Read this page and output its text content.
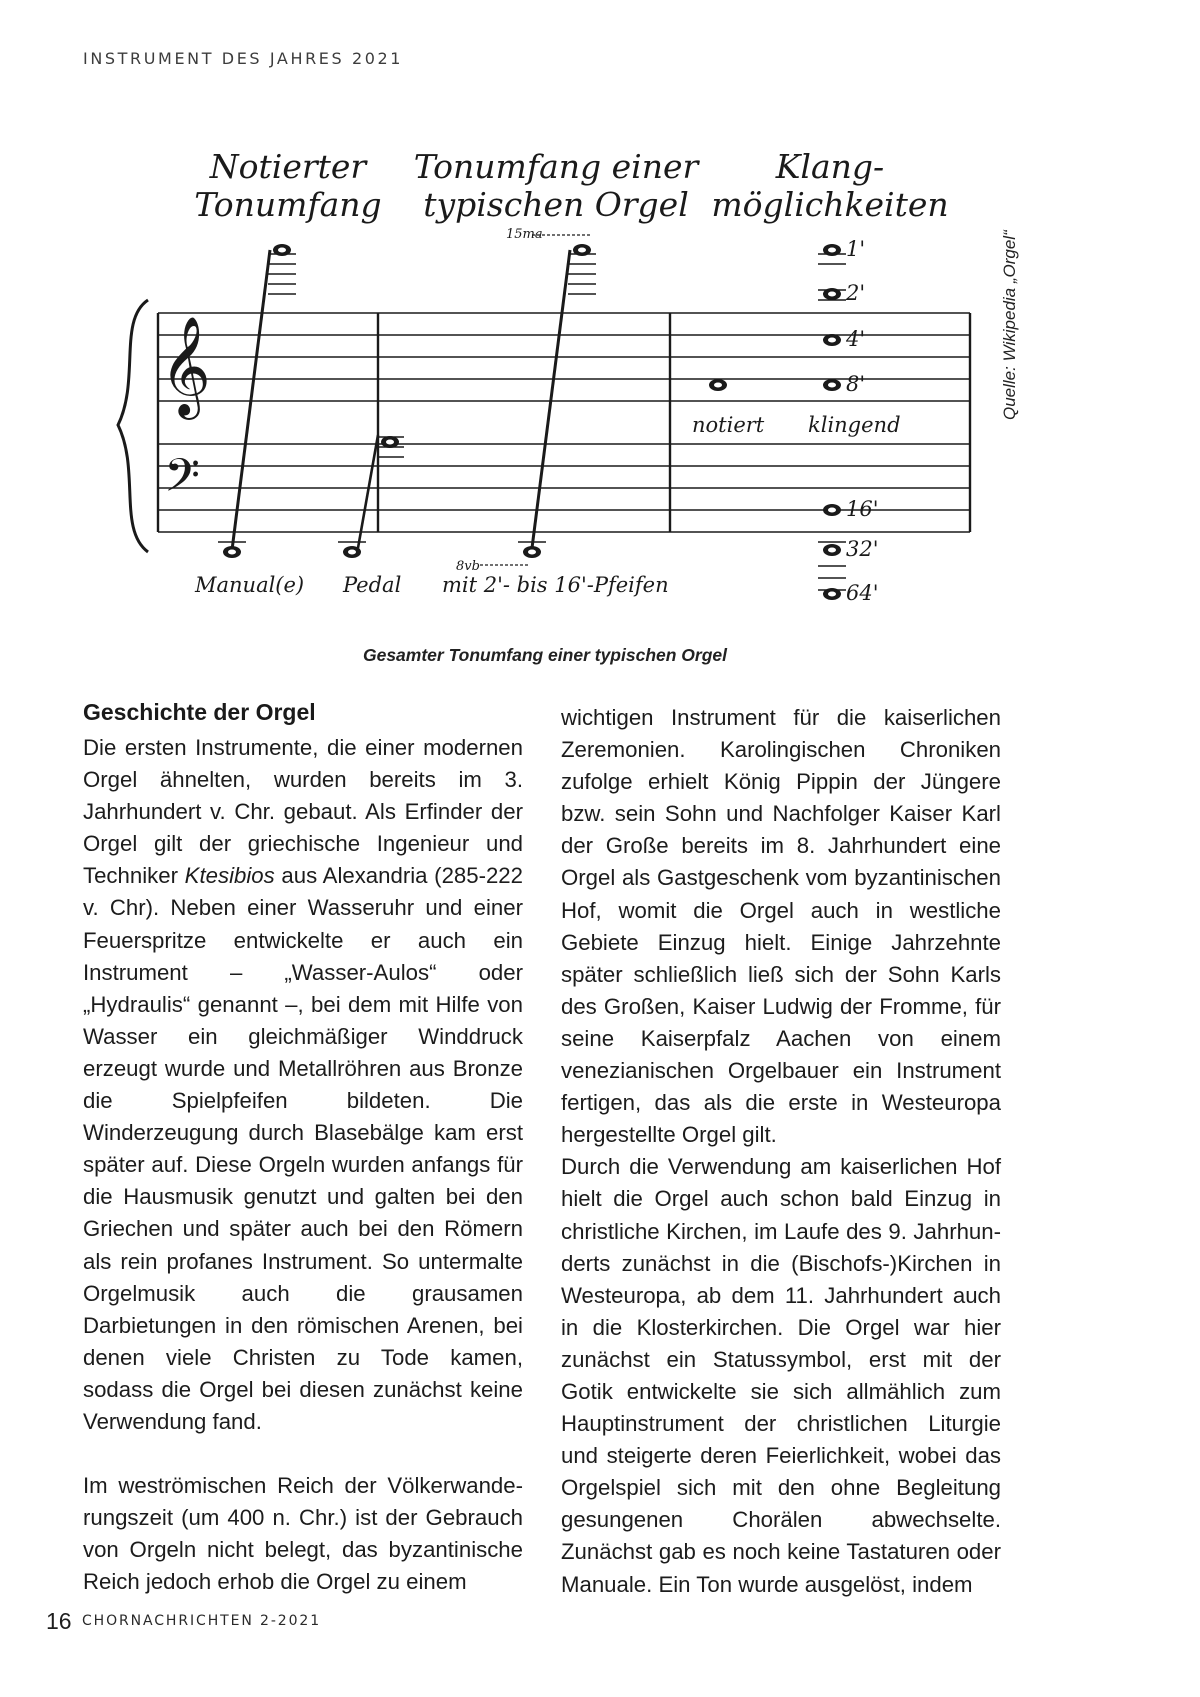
INSTRUMENT DES JAHRES 2021
𝄞
𝄢
Notierter
Tonumfang
Tonumfang einer
typischen Orgel
Klang-
möglichkeiten
15ma
8vb
Manual(e) Pedal mit 2'- bis 16'-Pfeifen
notiert klingend
1'
2'
4'
8'
16'
32'
64'
Quelle: Wikipedia „Orgel“
Gesamter Tonumfang einer typischen Orgel
Geschichte der Orgel

Die ersten Instrumente, die einer modernen Orgel ähnelten, wurden bereits im 3. Jahrhundert v. Chr. gebaut. Als Erfinder der Orgel gilt der griechische Ingenieur und Techniker Ktesibios aus Alexandria (285-222 v. Chr). Neben einer Wasseruhr und einer Feuerspritze entwickelte er auch ein Instrument – „Wasser-Aulos“ oder „Hydraulis“ genannt –, bei dem mit Hilfe von Wasser ein gleichmäßiger Winddruck erzeugt wurde und Metallröhren aus Bronze die Spielpfeifen bildeten. Die Winderzeugung durch Blasebälge kam erst später auf. Diese Orgeln wurden anfangs für die Hausmusik genutzt und galten bei den Griechen und später auch bei den Römern als rein profanes Instrument. So untermalte Orgelmusik auch die grausamen Darbietungen in den römischen Arenen, bei denen viele Christen zu Tode kamen, sodass die Orgel bei diesen zunächst keine Verwendung fand.

Im weströmischen Reich der Völkerwanderungszeit (um 400 n. Chr.) ist der Gebrauch von Orgeln nicht belegt, das byzantinische Reich jedoch erhob die Orgel zu einem

wichtigen Instrument für die kaiserlichen Zeremonien. Karolingischen Chroniken zufolge erhielt König Pippin der Jüngere bzw. sein Sohn und Nachfolger Kaiser Karl der Große bereits im 8. Jahrhundert eine Orgel als Gastgeschenk vom byzantinischen Hof, womit die Orgel auch in westliche Gebiete Einzug hielt. Einige Jahrzehnte später schließlich ließ sich der Sohn Karls des Großen, Kaiser Ludwig der Fromme, für seine Kaiserpfalz Aachen von einem venezianischen Orgelbauer ein Instrument fertigen, das als die erste in Westeuropa hergestellte Orgel gilt.

Durch die Verwendung am kaiserlichen Hof hielt die Orgel auch schon bald Einzug in christliche Kirchen, im Laufe des 9. Jahrhunderts zunächst in die (Bischofs-)Kirchen in Westeuropa, ab dem 11. Jahrhundert auch in die Klosterkirchen. Die Orgel war hier zunächst ein Statussymbol, erst mit der Gotik entwickelte sie sich allmählich zum Hauptinstrument der christlichen Liturgie und steigerte deren Feierlichkeit, wobei das Orgelspiel sich mit den ohne Begleitung gesungenen Chorälen abwechselte. Zunächst gab es noch keine Tastaturen oder Manuale. Ein Ton wurde ausgelöst, indem

16 CHORNACHRICHTEN 2-2021
